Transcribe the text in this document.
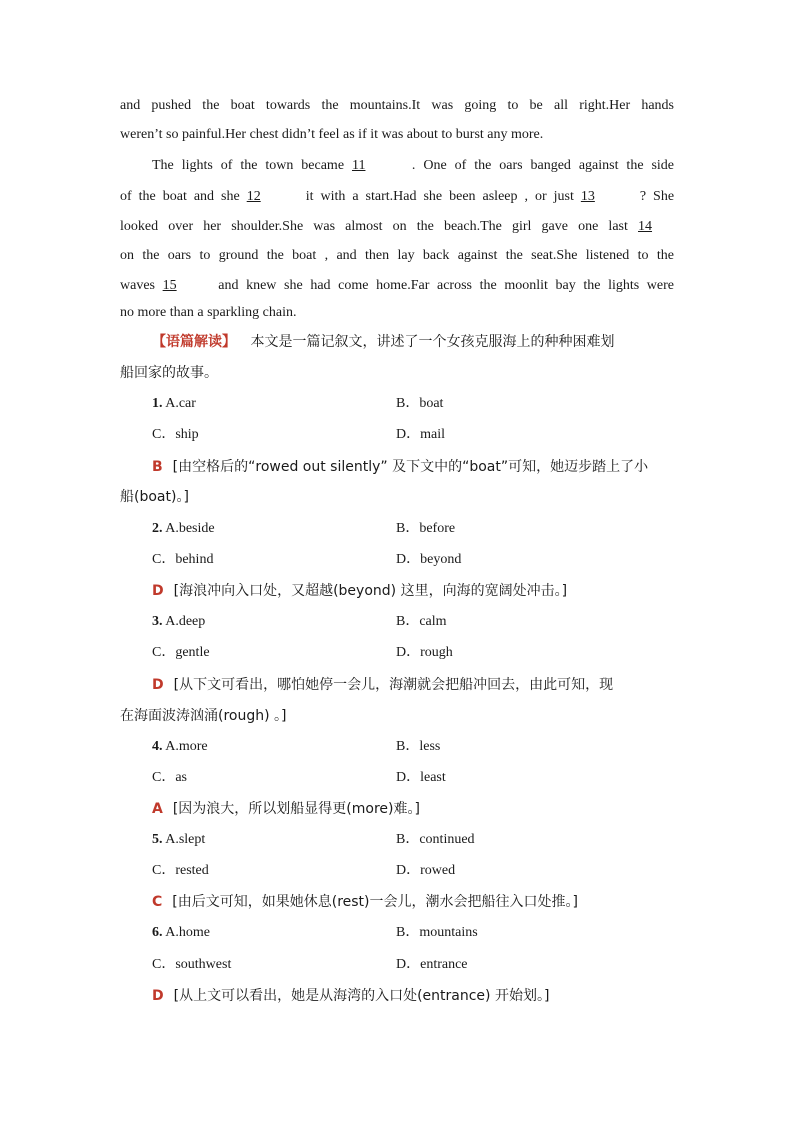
and pushed the boat towards the mountains.It was going to be all right.Her hands
weren’t so painful.Her chest didn’t feel as if it was about to burst any more.
The lights of the town became 11	. One of the oars banged against the side
of the boat and she 12	it with a start.Had she been asleep , or just 13	? She
looked over her shoulder.She was almost on the beach.The girl gave one last 14
on the oars to ground the boat , and then lay back against the seat.She listened to the
waves 15	and knew she had come home.Far across the moonlit bay the lights were
no more than a sparkling chain.
【语篇解读】 本文是一篇记叙文，讲述了一个女孩克服海上的种种困难划
船回家的故事。
1. A.car	B．boat
C．ship	D．mail
B [由空格后的“rowed out silently” 及下文中的“boat”可知，她迈步踏上了小
船(boat)。]
2. A.beside	B．before
C．behind	D．beyond
D [海浪冲向入口处，又超越(beyond) 这里，向海的宽阔处冲击。]
3. A.deep	B．calm
C．gentle	D．rough
D [从下文可看出，哪怕她停一会儿，海潮就会把船冲回去，由此可知，现
在海面波涛汹涌(rough) 。]
4. A.more	B．less
C．as	D．least
A [因为浪大，所以划船显得更(more)难。]
5. A.slept	B．continued
C．rested	D．rowed
C [由后文可知，如果她休息(rest)一会儿，潮水会把船往入口处推。]
6. A.home	B．mountains
C．southwest	D．entrance
D [从上文可以看出，她是从海湾的入口处(entrance) 开始划。]
